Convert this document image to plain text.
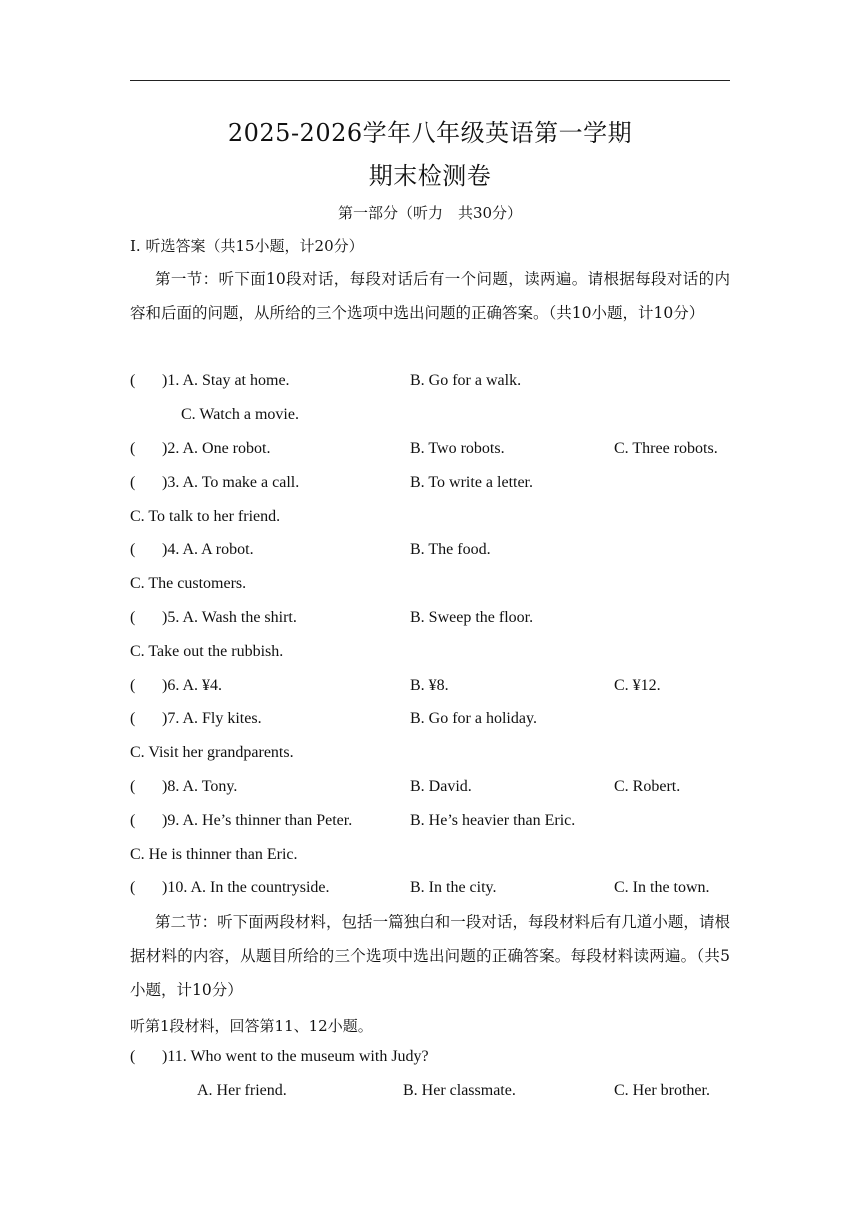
2025-2026学年八年级英语第一学期
期末检测卷
第一部分（听力　共30分）
I. 听选答案（共15小题，计20分）
第一节：听下面10段对话，每段对话后有一个问题，读两遍。请根据每段对话的内容和后面的问题，从所给的三个选项中选出问题的正确答案。（共10小题，计10分）
( )1. A. Stay at home.	B. Go for a walk.
C. Watch a movie.
( )2. A. One robot.	B. Two robots.	C. Three robots.
( )3. A. To make a call.	B. To write a letter.
C. To talk to her friend.
( )4. A. A robot.	B. The food.
C. The customers.
( )5. A. Wash the shirt.	B. Sweep the floor.
C. Take out the rubbish.
( )6. A. ¥4.	B. ¥8.	C. ¥12.
( )7. A. Fly kites.	B. Go for a holiday.
C. Visit her grandparents.
( )8. A. Tony.	B. David.	C. Robert.
( )9. A. He’s thinner than Peter.	B. He’s heavier than Eric.
C. He is thinner than Eric.
( )10. A. In the countryside.	B. In the city.	C. In the town.
第二节：听下面两段材料，包括一篇独白和一段对话，每段材料后有几道小题，请根据材料的内容，从题目所给的三个选项中选出问题的正确答案。每段材料读两遍。（共5小题，计10分）
听第1段材料，回答第11、12小题。
( )11. Who went to the museum with Judy?
A. Her friend.	B. Her classmate.	C. Her brother.
